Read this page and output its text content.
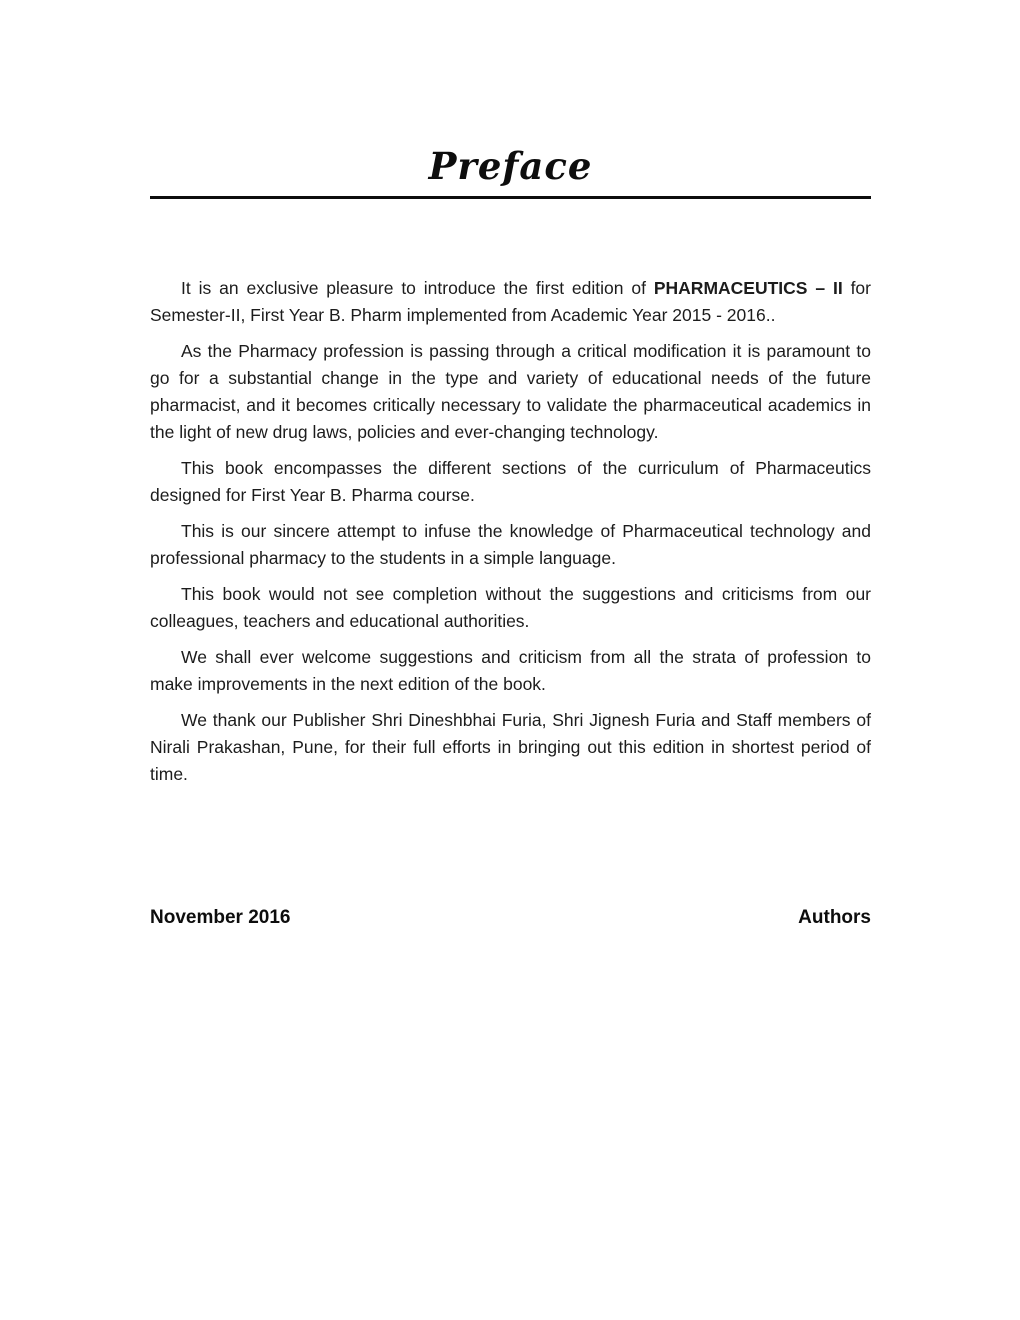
Preface

It is an exclusive pleasure to introduce the first edition of PHARMACEUTICS – II for Semester-II, First Year B. Pharm implemented from Academic Year 2015 - 2016..

As the Pharmacy profession is passing through a critical modification it is paramount to go for a substantial change in the type and variety of educational needs of the future pharmacist, and it becomes critically necessary to validate the pharmaceutical academics in the light of new drug laws, policies and ever-changing technology.

This book encompasses the different sections of the curriculum of Pharmaceutics designed for First Year B. Pharma course.

This is our sincere attempt to infuse the knowledge of Pharmaceutical technology and professional pharmacy to the students in a simple language.

This book would not see completion without the suggestions and criticisms from our colleagues, teachers and educational authorities.

We shall ever welcome suggestions and criticism from all the strata of profession to make improvements in the next edition of the book.

We thank our Publisher Shri Dineshbhai Furia, Shri Jignesh Furia and Staff members of Nirali Prakashan, Pune, for their full efforts in bringing out this edition in shortest period of time.

November 2016	Authors
